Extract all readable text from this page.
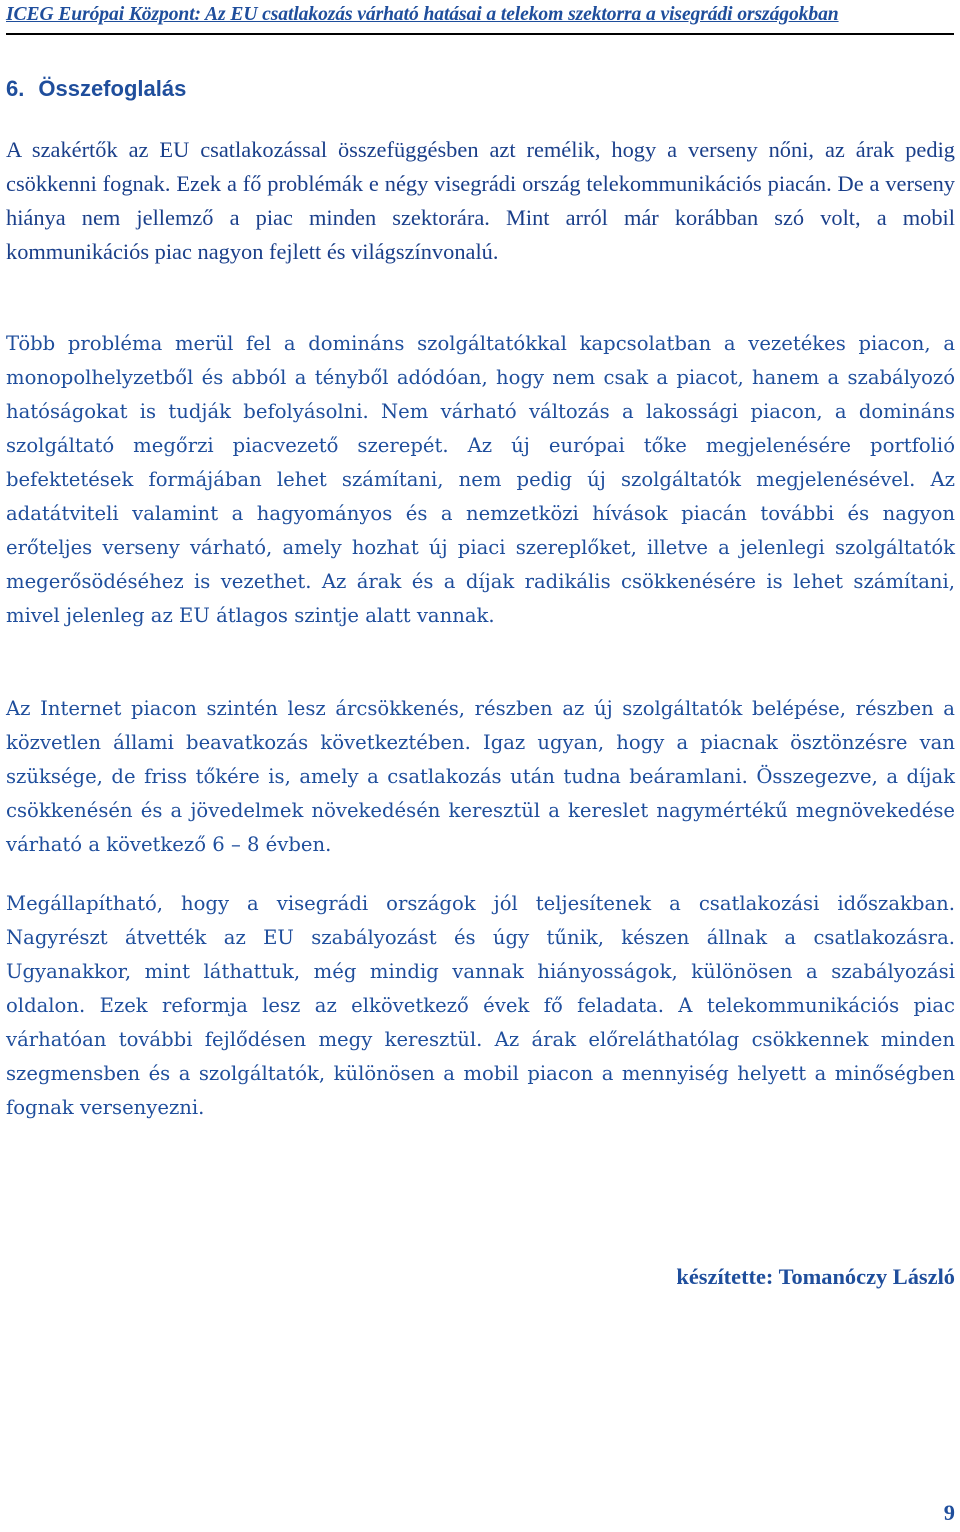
ICEG Európai Központ: Az EU csatlakozás várható hatásai a telekom szektorra a visegrádi országokban
6. Összefoglalás

A szakértők az EU csatlakozással összefüggésben azt remélik, hogy a verseny nőni, az árak pedig csökkenni fognak. Ezek a fő problémák e négy visegrádi ország telekommunikációs piacán. De a verseny hiánya nem jellemző a piac minden szektorára. Mint arról már korábban szó volt, a mobil kommunikációs piac nagyon fejlett és világszínvonalú.

Több probléma merül fel a domináns szolgáltatókkal kapcsolatban a vezetékes piacon, a monopolhelyzetből és abból a tényből adódóan, hogy nem csak a piacot, hanem a szabályozó hatóságokat is tudják befolyásolni. Nem várható változás a lakossági piacon, a domináns szolgáltató megőrzi piacvezető szerepét. Az új európai tőke megjelenésére portfolió befektetések formájában lehet számítani, nem pedig új szolgáltatók megjelenésével. Az adatátviteli valamint a hagyományos és a nemzetközi hívások piacán további és nagyon erőteljes verseny várható, amely hozhat új piaci szereplőket, illetve a jelenlegi szolgáltatók megerősödéséhez is vezethet. Az árak és a díjak radikális csökkenésére is lehet számítani, mivel jelenleg az EU átlagos szintje alatt vannak.

Az Internet piacon szintén lesz árcsökkenés, részben az új szolgáltatók belépése, részben a közvetlen állami beavatkozás következtében. Igaz ugyan, hogy a piacnak ösztönzésre van szüksége, de friss tőkére is, amely a csatlakozás után tudna beáramlani. Összegezve, a díjak csökkenésén és a jövedelmek növekedésén keresztül a kereslet nagymértékű megnövekedése várható a következő 6 – 8 évben.

Megállapítható, hogy a visegrádi országok jól teljesítenek a csatlakozási időszakban. Nagyrészt átvették az EU szabályozást és úgy tűnik, készen állnak a csatlakozásra. Ugyanakkor, mint láthattuk, még mindig vannak hiányosságok, különösen a szabályozási oldalon. Ezek reformja lesz az elkövetkező évek fő feladata. A telekommunikációs piac várhatóan további fejlődésen megy keresztül. Az árak előreláthatólag csökkennek minden szegmensben és a szolgáltatók, különösen a mobil piacon a mennyiség helyett a minőségben fognak versenyezni.

készítette: Tomanóczy László
9
